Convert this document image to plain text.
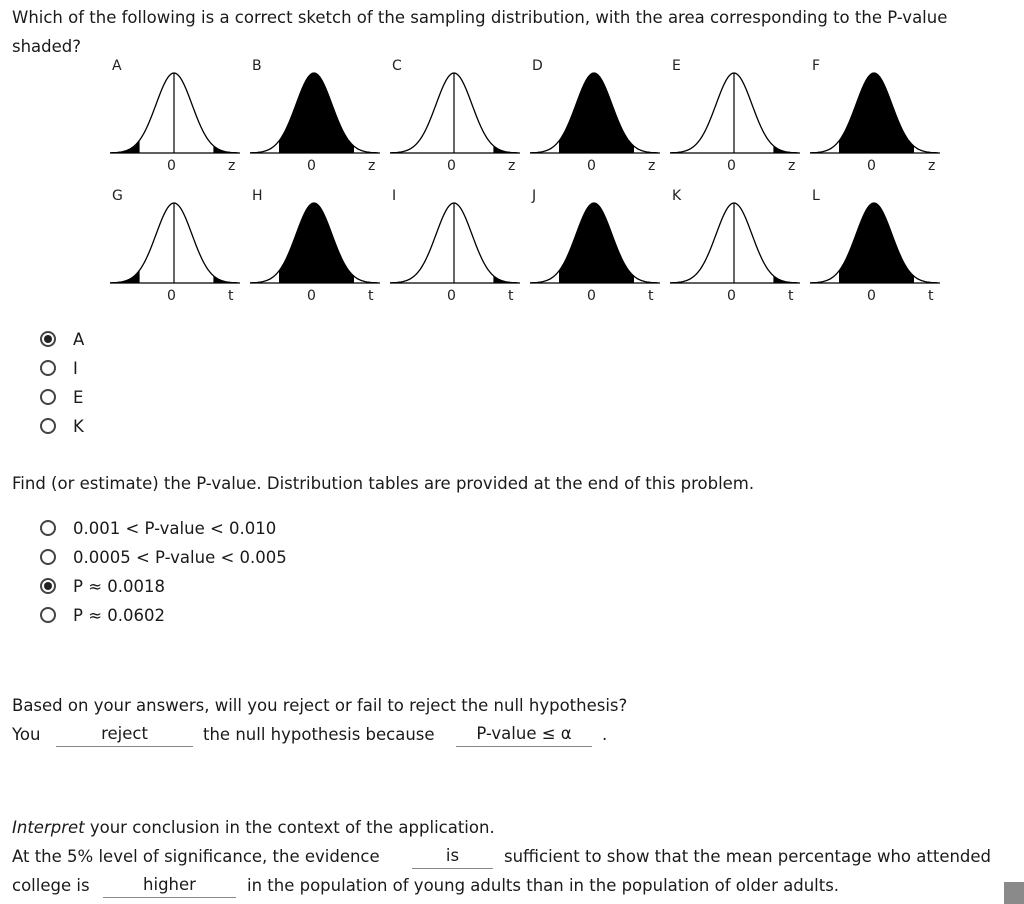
Which of the following is a correct sketch of the sampling distribution, with the area corresponding to the P-value shaded?
A
0	z
B
0	z
C
0	z
D
0	z
E
0	z
F
0	z
G
0	t
H
0	t
I
0	t
J
0	t
K
0	t
L
0	t
A
I
E
K
Find (or estimate) the P-value. Distribution tables are provided at the end of this problem.
0.001 < P-value < 0.010
0.0005 < P-value < 0.005
P ≈ 0.0018
P ≈ 0.0602
Based on your answers, will you reject or fail to reject the null hypothesis?
You	reject	the null hypothesis because	P-value ≤ α	.
Interpret your conclusion in the context of the application.
At the 5% level of significance, the evidence	is	sufficient to show that the mean percentage who attended
college is	higher	in the population of young adults than in the population of older adults.
